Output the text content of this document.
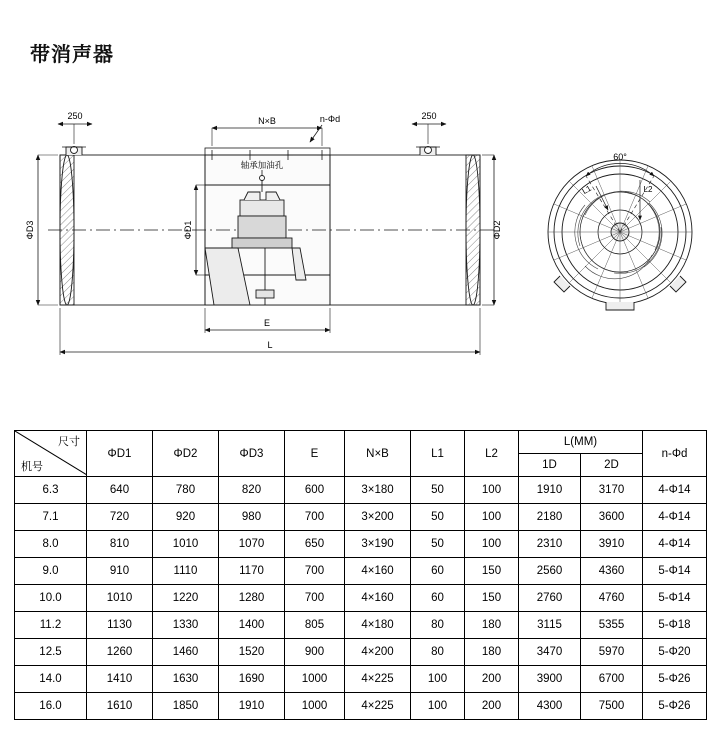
带消声器
N×B	n-Φd
250	250
ΦD3	ΦD1	ΦD2
轴承加油孔
E
L
60°
L1	L2
尺寸
机号	ΦD1	ΦD2	ΦD3	E	N×B	L1	L2	L(MM)		n-Φd
								1D	2D	
6.3	640	780	820	600	3×180	50	100	1910	3170	4-Φ14
7.1	720	920	980	700	3×200	50	100	2180	3600	4-Φ14
8.0	810	1010	1070	650	3×190	50	100	2310	3910	4-Φ14
9.0	910	1110	1170	700	4×160	60	150	2560	4360	5-Φ14
10.0	1010	1220	1280	700	4×160	60	150	2760	4760	5-Φ14
11.2	1130	1330	1400	805	4×180	80	180	3115	5355	5-Φ18
12.5	1260	1460	1520	900	4×200	80	180	3470	5970	5-Φ20
14.0	1410	1630	1690	1000	4×225	100	200	3900	6700	5-Φ26
16.0	1610	1850	1910	1000	4×225	100	200	4300	7500	5-Φ26
